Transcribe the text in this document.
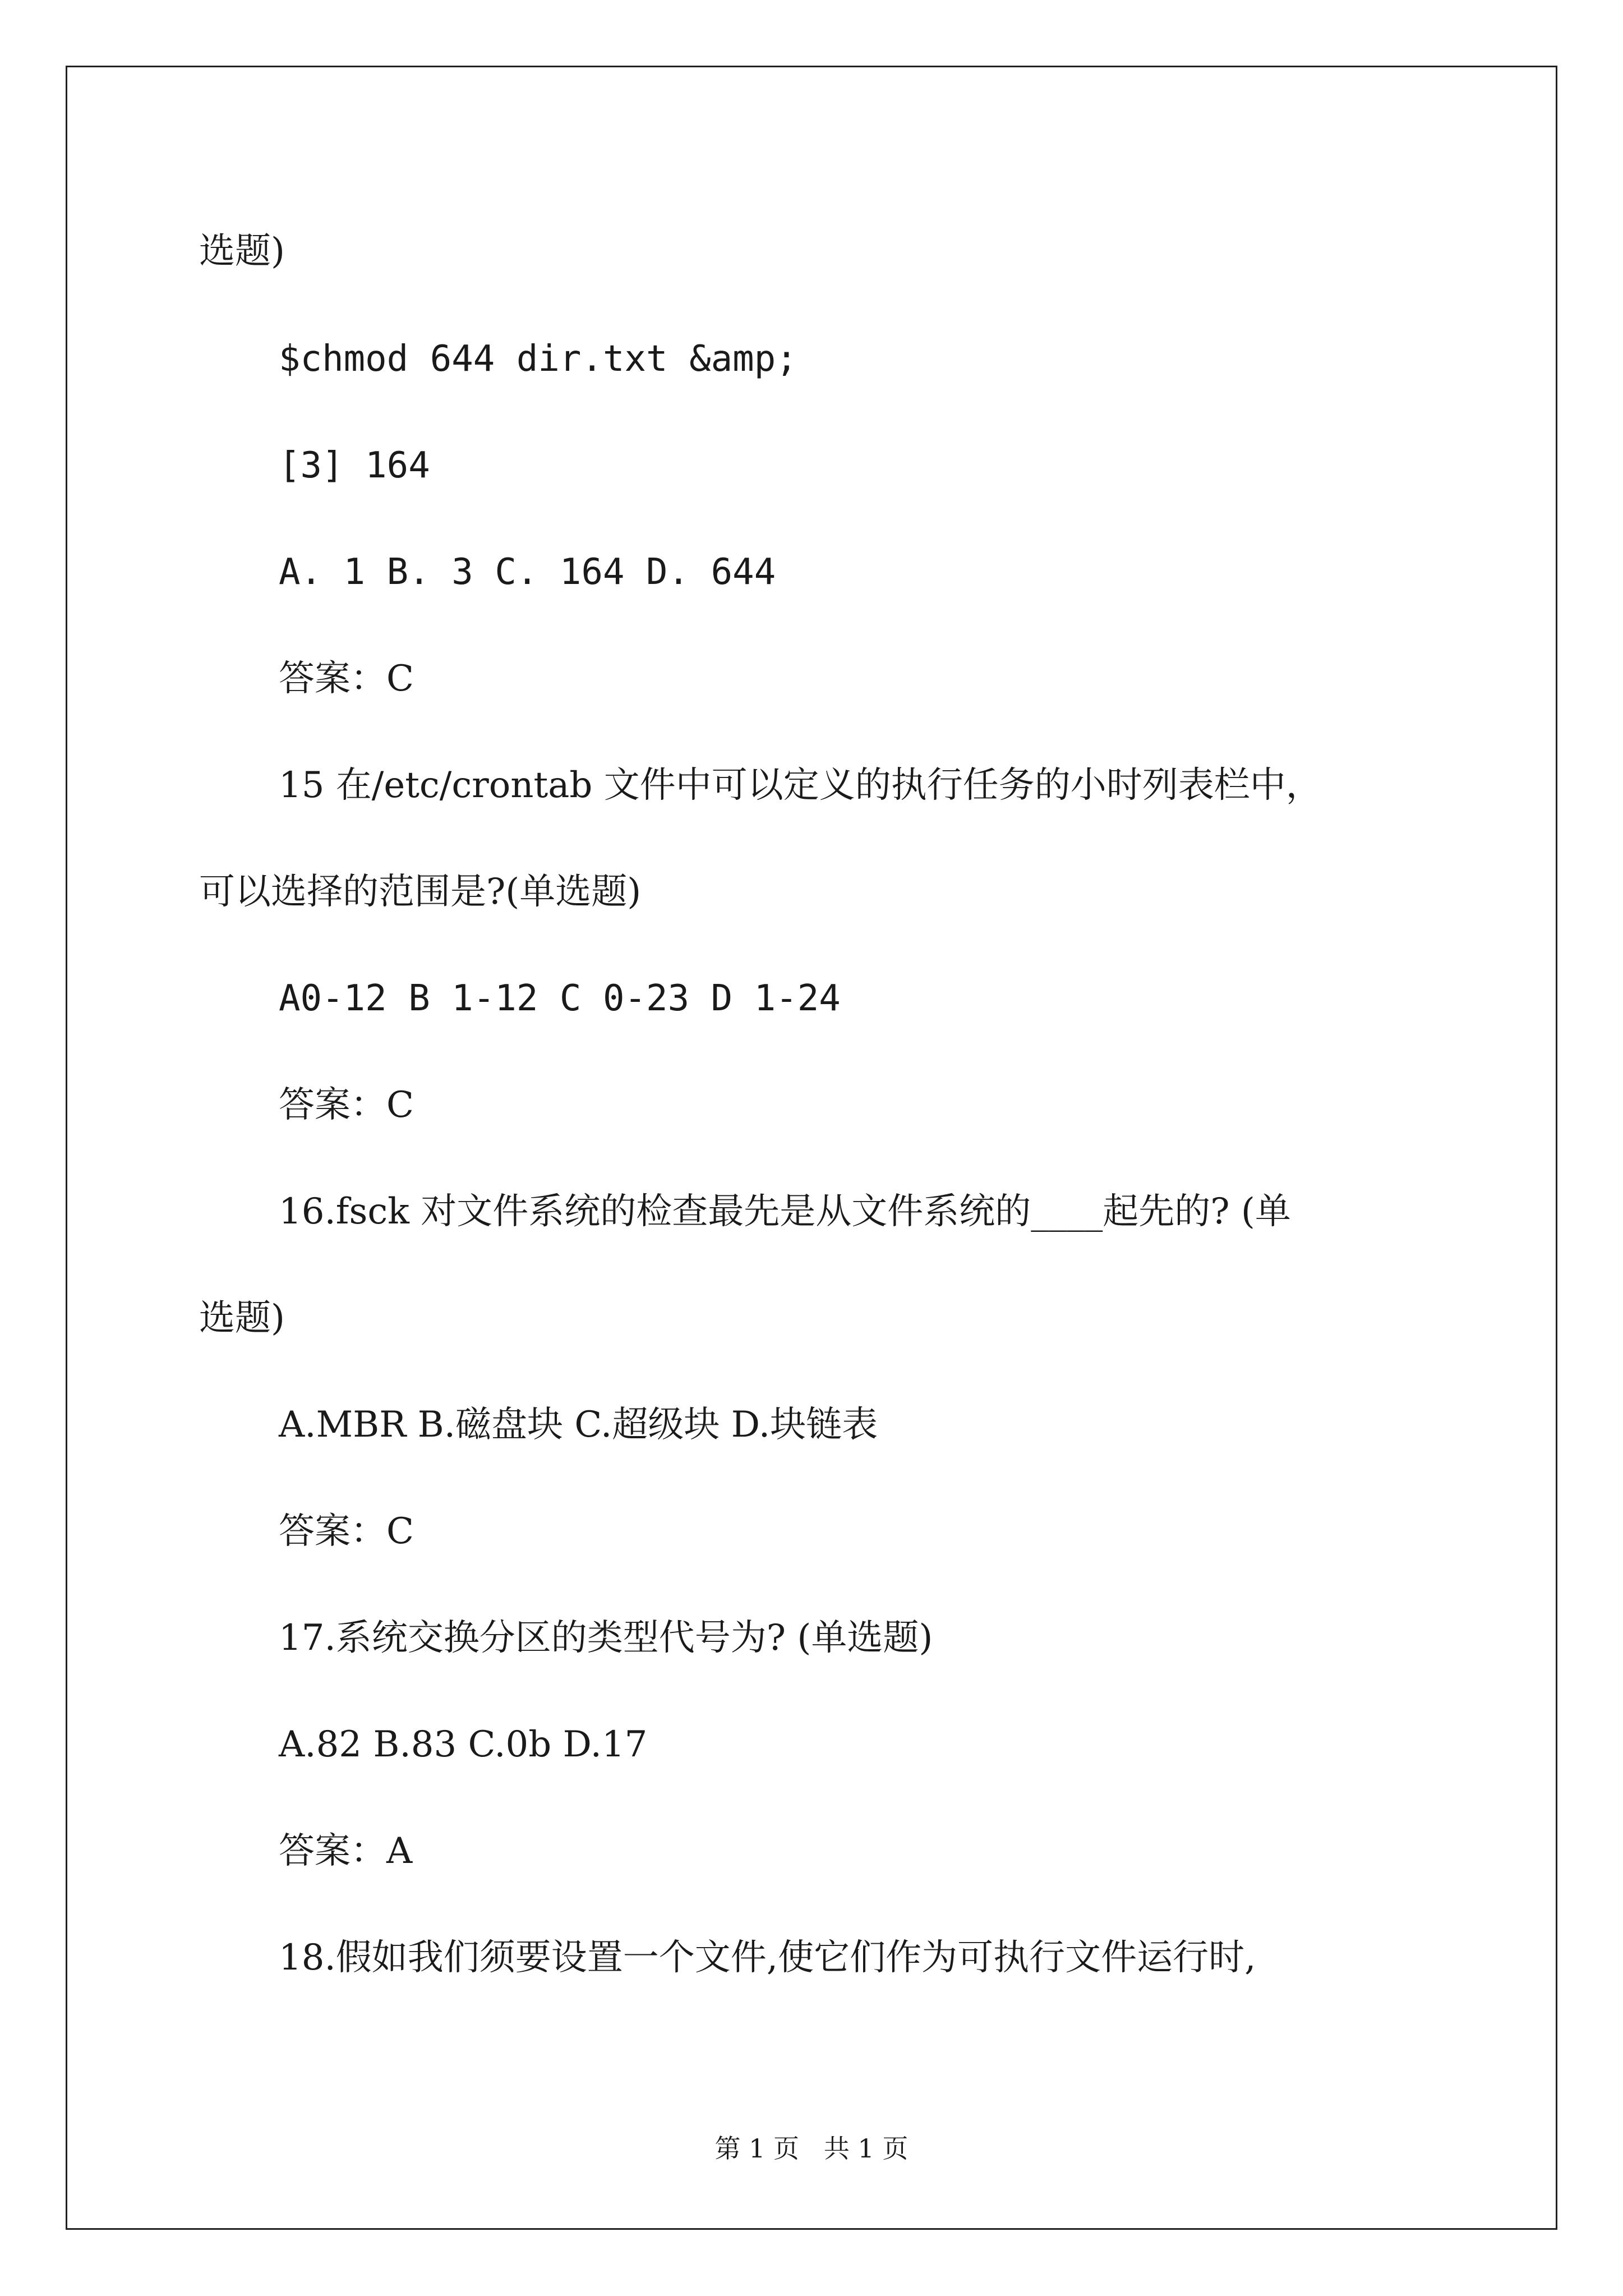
选题)
$chmod 644 dir.txt &amp;
[3] 164
A. 1 B. 3 C. 164 D. 644
答案：C
15 在/etc/crontab 文件中可以定义的执行任务的小时列表栏中，
可以选择的范围是?(单选题)
A0-12 B 1-12 C 0-23 D 1-24
答案：C
16.fsck 对文件系统的检查最先是从文件系统的____起先的? (单
选题)
A.MBR B.磁盘块 C.超级块 D.块链表
答案：C
17.系统交换分区的类型代号为? (单选题)
A.82 B.83 C.0b D.17
答案：A
18.假如我们须要设置一个文件,使它们作为可执行文件运行时,
第 1 页   共 1 页
